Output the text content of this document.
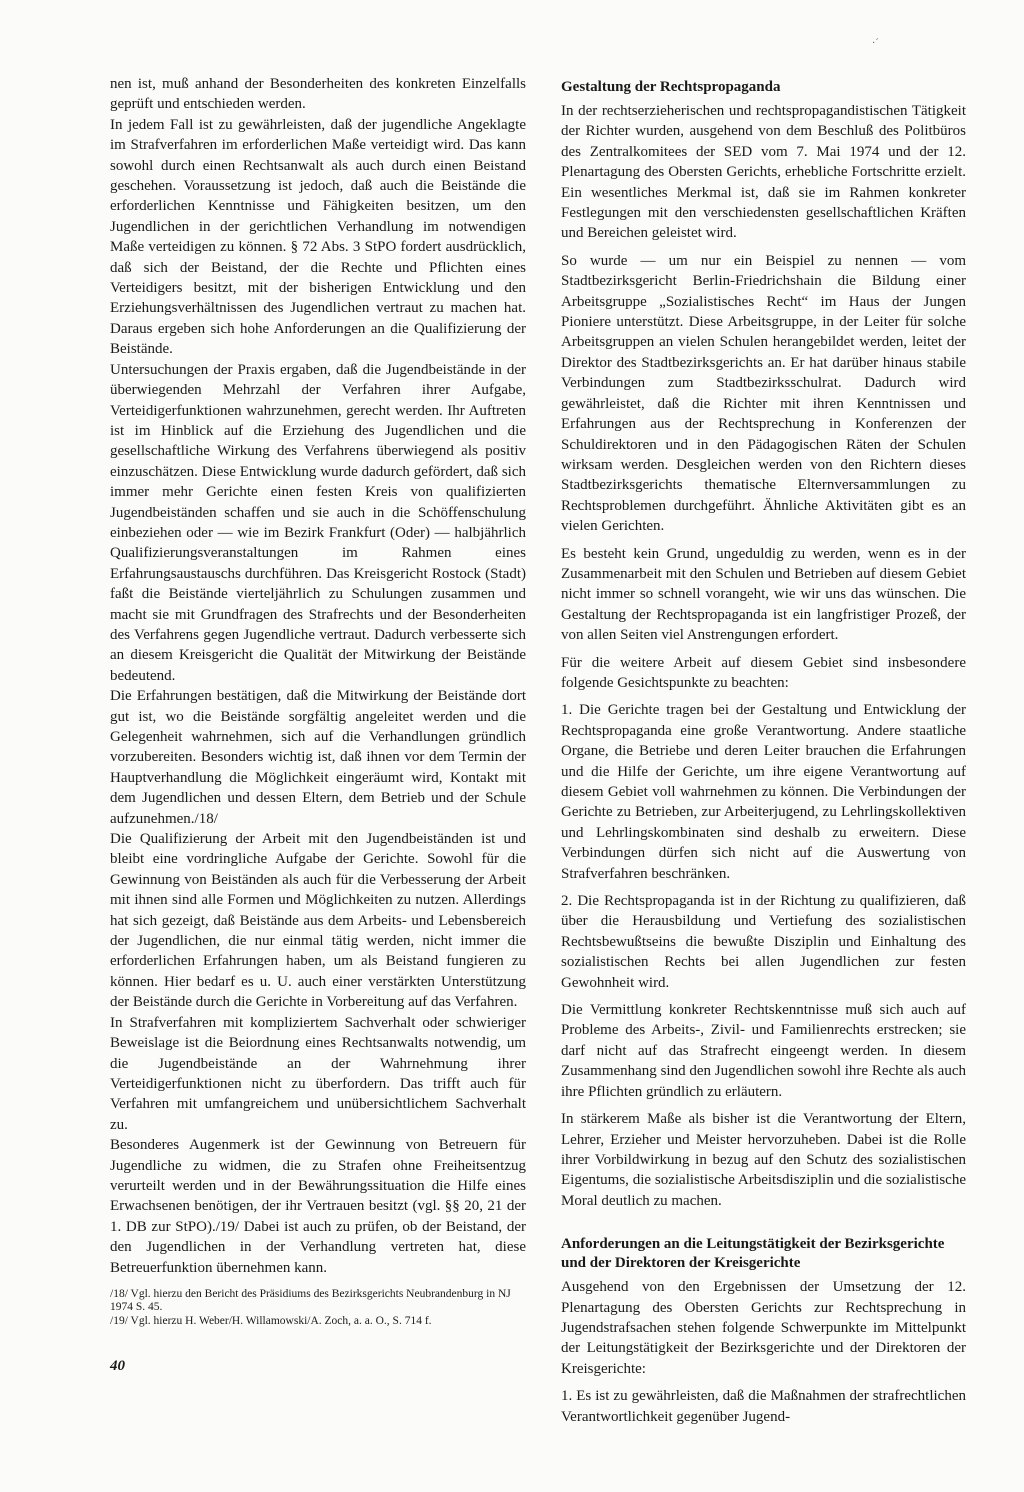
·ˊ

nen ist, muß anhand der Besonderheiten des konkreten Einzelfalls geprüft und entschieden werden.

In jedem Fall ist zu gewährleisten, daß der jugendliche Angeklagte im Strafverfahren im erforderlichen Maße verteidigt wird. Das kann sowohl durch einen Rechtsanwalt als auch durch einen Beistand geschehen. Voraussetzung ist jedoch, daß auch die Beistände die erforderlichen Kenntnisse und Fähigkeiten besitzen, um den Jugendlichen in der gerichtlichen Verhandlung im notwendigen Maße verteidigen zu können. § 72 Abs. 3 StPO fordert ausdrücklich, daß sich der Beistand, der die Rechte und Pflichten eines Verteidigers besitzt, mit der bisherigen Entwicklung und den Erziehungsverhältnissen des Jugendlichen vertraut zu machen hat. Daraus ergeben sich hohe Anforderungen an die Qualifizierung der Beistände.

Untersuchungen der Praxis ergaben, daß die Jugendbeistände in der überwiegenden Mehrzahl der Verfahren ihrer Aufgabe, Verteidigerfunktionen wahrzunehmen, gerecht werden. Ihr Auftreten ist im Hinblick auf die Erziehung des Jugendlichen und die gesellschaftliche Wirkung des Verfahrens überwiegend als positiv einzuschätzen. Diese Entwicklung wurde dadurch gefördert, daß sich immer mehr Gerichte einen festen Kreis von qualifizierten Jugendbeiständen schaffen und sie auch in die Schöffenschulung einbeziehen oder — wie im Bezirk Frankfurt (Oder) — halbjährlich Qualifizierungsveranstaltungen im Rahmen eines Erfahrungsaustauschs durchführen. Das Kreisgericht Rostock (Stadt) faßt die Beistände vierteljährlich zu Schulungen zusammen und macht sie mit Grundfragen des Strafrechts und der Besonderheiten des Verfahrens gegen Jugendliche vertraut. Dadurch verbesserte sich an diesem Kreisgericht die Qualität der Mitwirkung der Beistände bedeutend.

Die Erfahrungen bestätigen, daß die Mitwirkung der Beistände dort gut ist, wo die Beistände sorgfältig angeleitet werden und die Gelegenheit wahrnehmen, sich auf die Verhandlungen gründlich vorzubereiten. Besonders wichtig ist, daß ihnen vor dem Termin der Hauptverhandlung die Möglichkeit eingeräumt wird, Kontakt mit dem Jugendlichen und dessen Eltern, dem Betrieb und der Schule aufzunehmen./18/

Die Qualifizierung der Arbeit mit den Jugendbeiständen ist und bleibt eine vordringliche Aufgabe der Gerichte. Sowohl für die Gewinnung von Beiständen als auch für die Verbesserung der Arbeit mit ihnen sind alle Formen und Möglichkeiten zu nutzen. Allerdings hat sich gezeigt, daß Beistände aus dem Arbeits- und Lebensbereich der Jugendlichen, die nur einmal tätig werden, nicht immer die erforderlichen Erfahrungen haben, um als Beistand fungieren zu können. Hier bedarf es u. U. auch einer verstärkten Unterstützung der Beistände durch die Gerichte in Vorbereitung auf das Verfahren.

In Strafverfahren mit kompliziertem Sachverhalt oder schwieriger Beweislage ist die Beiordnung eines Rechtsanwalts notwendig, um die Jugendbeistände an der Wahrnehmung ihrer Verteidigerfunktionen nicht zu überfordern. Das trifft auch für Verfahren mit umfangreichem und unübersichtlichem Sachverhalt zu.

Besonderes Augenmerk ist der Gewinnung von Betreuern für Jugendliche zu widmen, die zu Strafen ohne Freiheitsentzug verurteilt werden und in der Bewährungssituation die Hilfe eines Erwachsenen benötigen, der ihr Vertrauen besitzt (vgl. §§ 20, 21 der 1. DB zur StPO)./19/ Dabei ist auch zu prüfen, ob der Beistand, der den Jugendlichen in der Verhandlung vertreten hat, diese Betreuerfunktion übernehmen kann.

/18/ Vgl. hierzu den Bericht des Präsidiums des Bezirksgerichts Neubrandenburg in NJ 1974 S. 45.
/19/ Vgl. hierzu H. Weber/H. Willamowski/A. Zoch, a. a. O., S. 714 f.
Gestaltung der Rechtspropaganda

In der rechtserzieherischen und rechtspropagandistischen Tätigkeit der Richter wurden, ausgehend von dem Beschluß des Politbüros des Zentralkomitees der SED vom 7. Mai 1974 und der 12. Plenartagung des Obersten Gerichts, erhebliche Fortschritte erzielt. Ein wesentliches Merkmal ist, daß sie im Rahmen konkreter Festlegungen mit den verschiedensten gesellschaftlichen Kräften und Bereichen geleistet wird.

So wurde — um nur ein Beispiel zu nennen — vom Stadtbezirksgericht Berlin-Friedrichshain die Bildung einer Arbeitsgruppe „Sozialistisches Recht“ im Haus der Jungen Pioniere unterstützt. Diese Arbeitsgruppe, in der Leiter für solche Arbeitsgruppen an vielen Schulen herangebildet werden, leitet der Direktor des Stadtbezirksgerichts an. Er hat darüber hinaus stabile Verbindungen zum Stadtbezirksschulrat. Dadurch wird gewährleistet, daß die Richter mit ihren Kenntnissen und Erfahrungen aus der Rechtsprechung in Konferenzen der Schuldirektoren und in den Pädagogischen Räten der Schulen wirksam werden. Desgleichen werden von den Richtern dieses Stadtbezirksgerichts thematische Elternversammlungen zu Rechtsproblemen durchgeführt. Ähnliche Aktivitäten gibt es an vielen Gerichten.

Es besteht kein Grund, ungeduldig zu werden, wenn es in der Zusammenarbeit mit den Schulen und Betrieben auf diesem Gebiet nicht immer so schnell vorangeht, wie wir uns das wünschen. Die Gestaltung der Rechtspropaganda ist ein langfristiger Prozeß, der von allen Seiten viel Anstrengungen erfordert.

Für die weitere Arbeit auf diesem Gebiet sind insbesondere folgende Gesichtspunkte zu beachten:

1. Die Gerichte tragen bei der Gestaltung und Entwicklung der Rechtspropaganda eine große Verantwortung. Andere staatliche Organe, die Betriebe und deren Leiter brauchen die Erfahrungen und die Hilfe der Gerichte, um ihre eigene Verantwortung auf diesem Gebiet voll wahrnehmen zu können. Die Verbindungen der Gerichte zu Betrieben, zur Arbeiterjugend, zu Lehrlingskollektiven und Lehrlingskombinaten sind deshalb zu erweitern. Diese Verbindungen dürfen sich nicht auf die Auswertung von Strafverfahren beschränken.

2. Die Rechtspropaganda ist in der Richtung zu qualifizieren, daß über die Herausbildung und Vertiefung des sozialistischen Rechtsbewußtseins die bewußte Disziplin und Einhaltung des sozialistischen Rechts bei allen Jugendlichen zur festen Gewohnheit wird.

Die Vermittlung konkreter Rechtskenntnisse muß sich auch auf Probleme des Arbeits-, Zivil- und Familienrechts erstrecken; sie darf nicht auf das Strafrecht eingeengt werden. In diesem Zusammenhang sind den Jugendlichen sowohl ihre Rechte als auch ihre Pflichten gründlich zu erläutern.

In stärkerem Maße als bisher ist die Verantwortung der Eltern, Lehrer, Erzieher und Meister hervorzuheben. Dabei ist die Rolle ihrer Vorbildwirkung in bezug auf den Schutz des sozialistischen Eigentums, die sozialistische Arbeitsdisziplin und die sozialistische Moral deutlich zu machen.

Anforderungen an die Leitungstätigkeit der Bezirksgerichte und der Direktoren der Kreisgerichte

Ausgehend von den Ergebnissen der Umsetzung der 12. Plenartagung des Obersten Gerichts zur Rechtsprechung in Jugendstrafsachen stehen folgende Schwerpunkte im Mittelpunkt der Leitungstätigkeit der Bezirksgerichte und der Direktoren der Kreisgerichte:

1. Es ist zu gewährleisten, daß die Maßnahmen der strafrechtlichen Verantwortlichkeit gegenüber Jugend-

40
